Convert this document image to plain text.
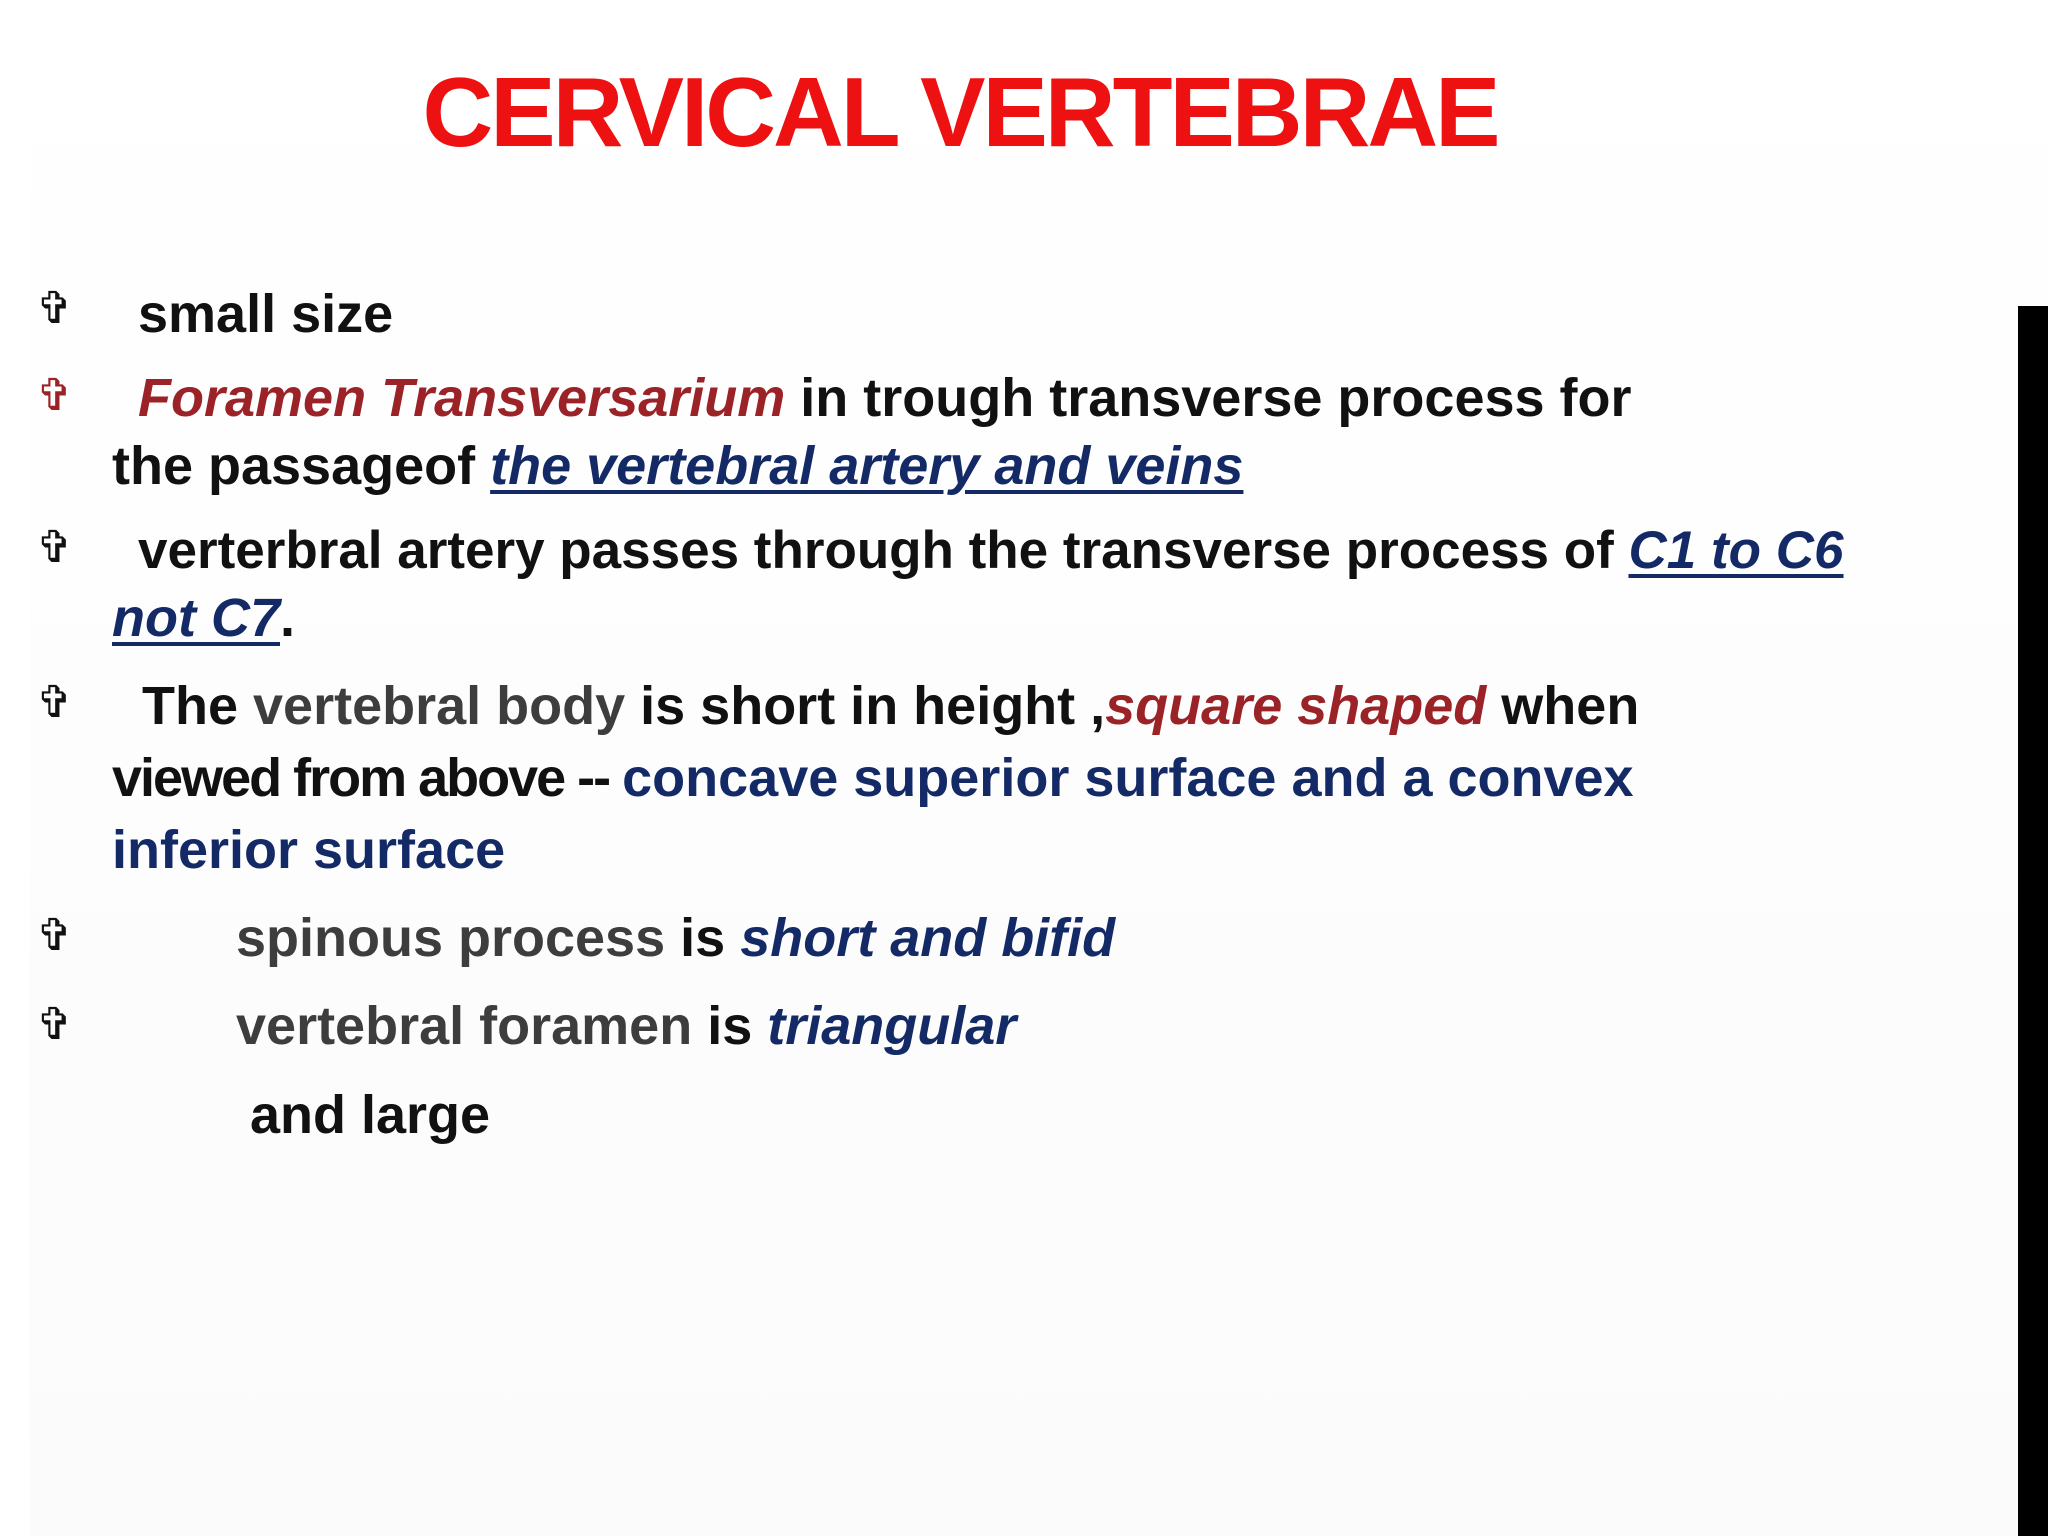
CERVICAL VERTEBRAE
✞ small size
✞ Foramen Transversarium in trough transverse process for
the passageof the vertebral artery and veins
✞ verterbral artery passes through the transverse process of C1 to C6
not C7.
✞ The vertebral body is short in height ,square shaped when
viewed from above -- concave superior surface and a convex
inferior surface
✞	spinous process is short and bifid
✞	vertebral foramen is triangular
and large
